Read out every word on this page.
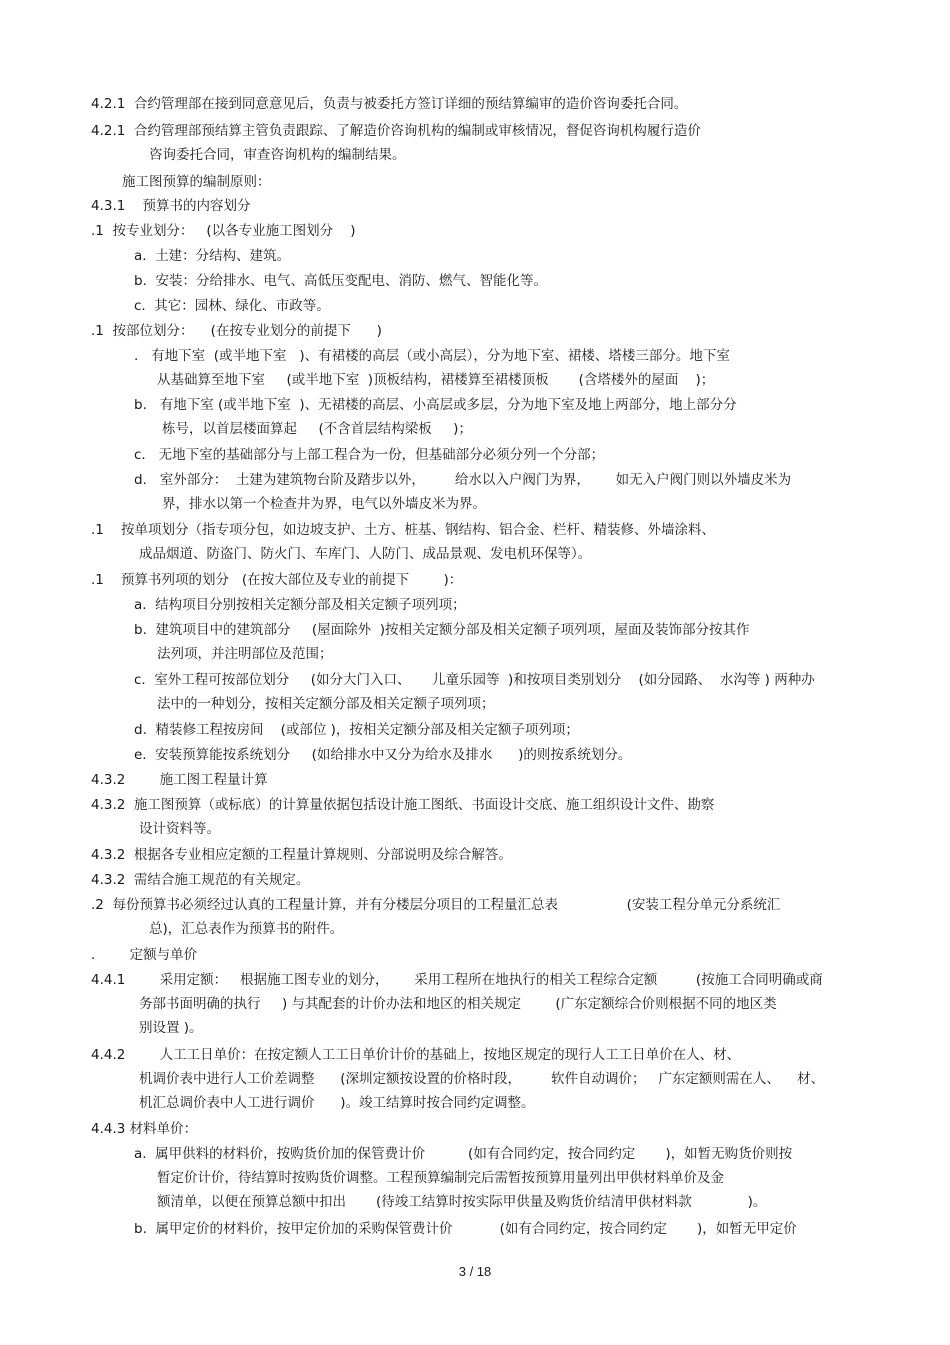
4.2.1  合约管理部在接到同意意见后，负责与被委托方签订详细的预结算编审的造价咨询委托合同。
4.2.1  合约管理部预结算主管负责跟踪、了解造价咨询机构的编制或审核情况，督促咨询机构履行造价
咨询委托合同，审查咨询机构的编制结果。
施工图预算的编制原则：
4.3.1    预算书的内容划分
.1  按专业划分：   (以各专业施工图划分    )
a.  土建：分结构、建筑。
b.  安装：分给排水、电气、高低压变配电、消防、燃气、智能化等。
c.  其它：园林、绿化、市政等。
.1  按部位划分：    (在按专业划分的前提下      )
.   有地下室  (或半地下室   )、有裙楼的高层（或小高层），分为地下室、裙楼、塔楼三部分。地下室
从基础算至地下室     (或半地下室  )顶板结构，裙楼算至裙楼顶板       (含塔楼外的屋面    )；
b.   有地下室 (或半地下室  )、无裙楼的高层、小高层或多层，分为地下室及地上两部分，地上部分分
栋号，以首层楼面算起     (不含首层结构梁板     )；
c.   无地下室的基础部分与上部工程合为一份，但基础部分必须分列一个分部；
d.   室外部分：  土建为建筑物台阶及踏步以外，       给水以入户阀门为界，      如无入户阀门则以外墙皮米为
界，排水以第一个检查井为界，电气以外墙皮米为界。
.1    按单项划分（指专项分包，如边坡支护、土方、桩基、钢结构、铝合金、栏杆、精装修、外墙涂料、
成品烟道、防盗门、防火门、车库门、人防门、成品景观、发电机环保等）。
.1    预算书列项的划分   (在按大部位及专业的前提下        )：
a.  结构项目分别按相关定额分部及相关定额子项列项；
b.  建筑项目中的建筑部分     (屋面除外  )按相关定额分部及相关定额子项列项，屋面及装饰部分按其作
法列项，并注明部位及范围；
c.  室外工程可按部位划分     (如分大门入口、     儿童乐园等  )和按项目类别划分    (如分园路、  水沟等 ) 两种办
法中的一种划分，按相关定额分部及相关定额子项列项；
d.  精装修工程按房间    (或部位 )，按相关定额分部及相关定额子项列项；
e.  安装预算能按系统划分     (如给排水中又分为给水及排水      )的则按系统划分。
4.3.2        施工图工程量计算
4.3.2  施工图预算（或标底）的计算量依据包括设计施工图纸、书面设计交底、施工组织设计文件、勘察
设计资料等。
4.3.2  根据各专业相应定额的工程量计算规则、分部说明及综合解答。
4.3.2  需结合施工规范的有关规定。
.2  每份预算书必须经过认真的工程量计算，并有分楼层分项目的工程量汇总表                (安装工程分单元分系统汇
总)，汇总表作为预算书的附件。
.        定额与单价
4.4.1        采用定额：   根据施工图专业的划分，      采用工程所在地执行的相关工程综合定额         (按施工合同明确或商
务部书面明确的执行     ) 与其配套的计价办法和地区的相关规定        (广东定额综合价则根据不同的地区类
别设置 )。
4.4.2        人工工日单价：在按定额人工工日单价计价的基础上，按地区规定的现行人工工日单价在人、材、
机调价表中进行人工价差调整      (深圳定额按设置的价格时段，       软件自动调价；   广东定额则需在人、    材、
机汇总调价表中人工进行调价      )。竣工结算时按合同约定调整。
4.4.3 材料单价：
a.  属甲供料的材料价，按购货价加的保管费计价          (如有合同约定，按合同约定       )，如暂无购货价则按
暂定价计价，待结算时按购货价调整。工程预算编制完后需暂按预算用量列出甲供材料单价及金
额清单，以便在预算总额中扣出       (待竣工结算时按实际甲供量及购货价结清甲供材料款             )。
b.  属甲定价的材料价，按甲定价加的采购保管费计价           (如有合同约定，按合同约定       )，如暂无甲定价
3 / 18
